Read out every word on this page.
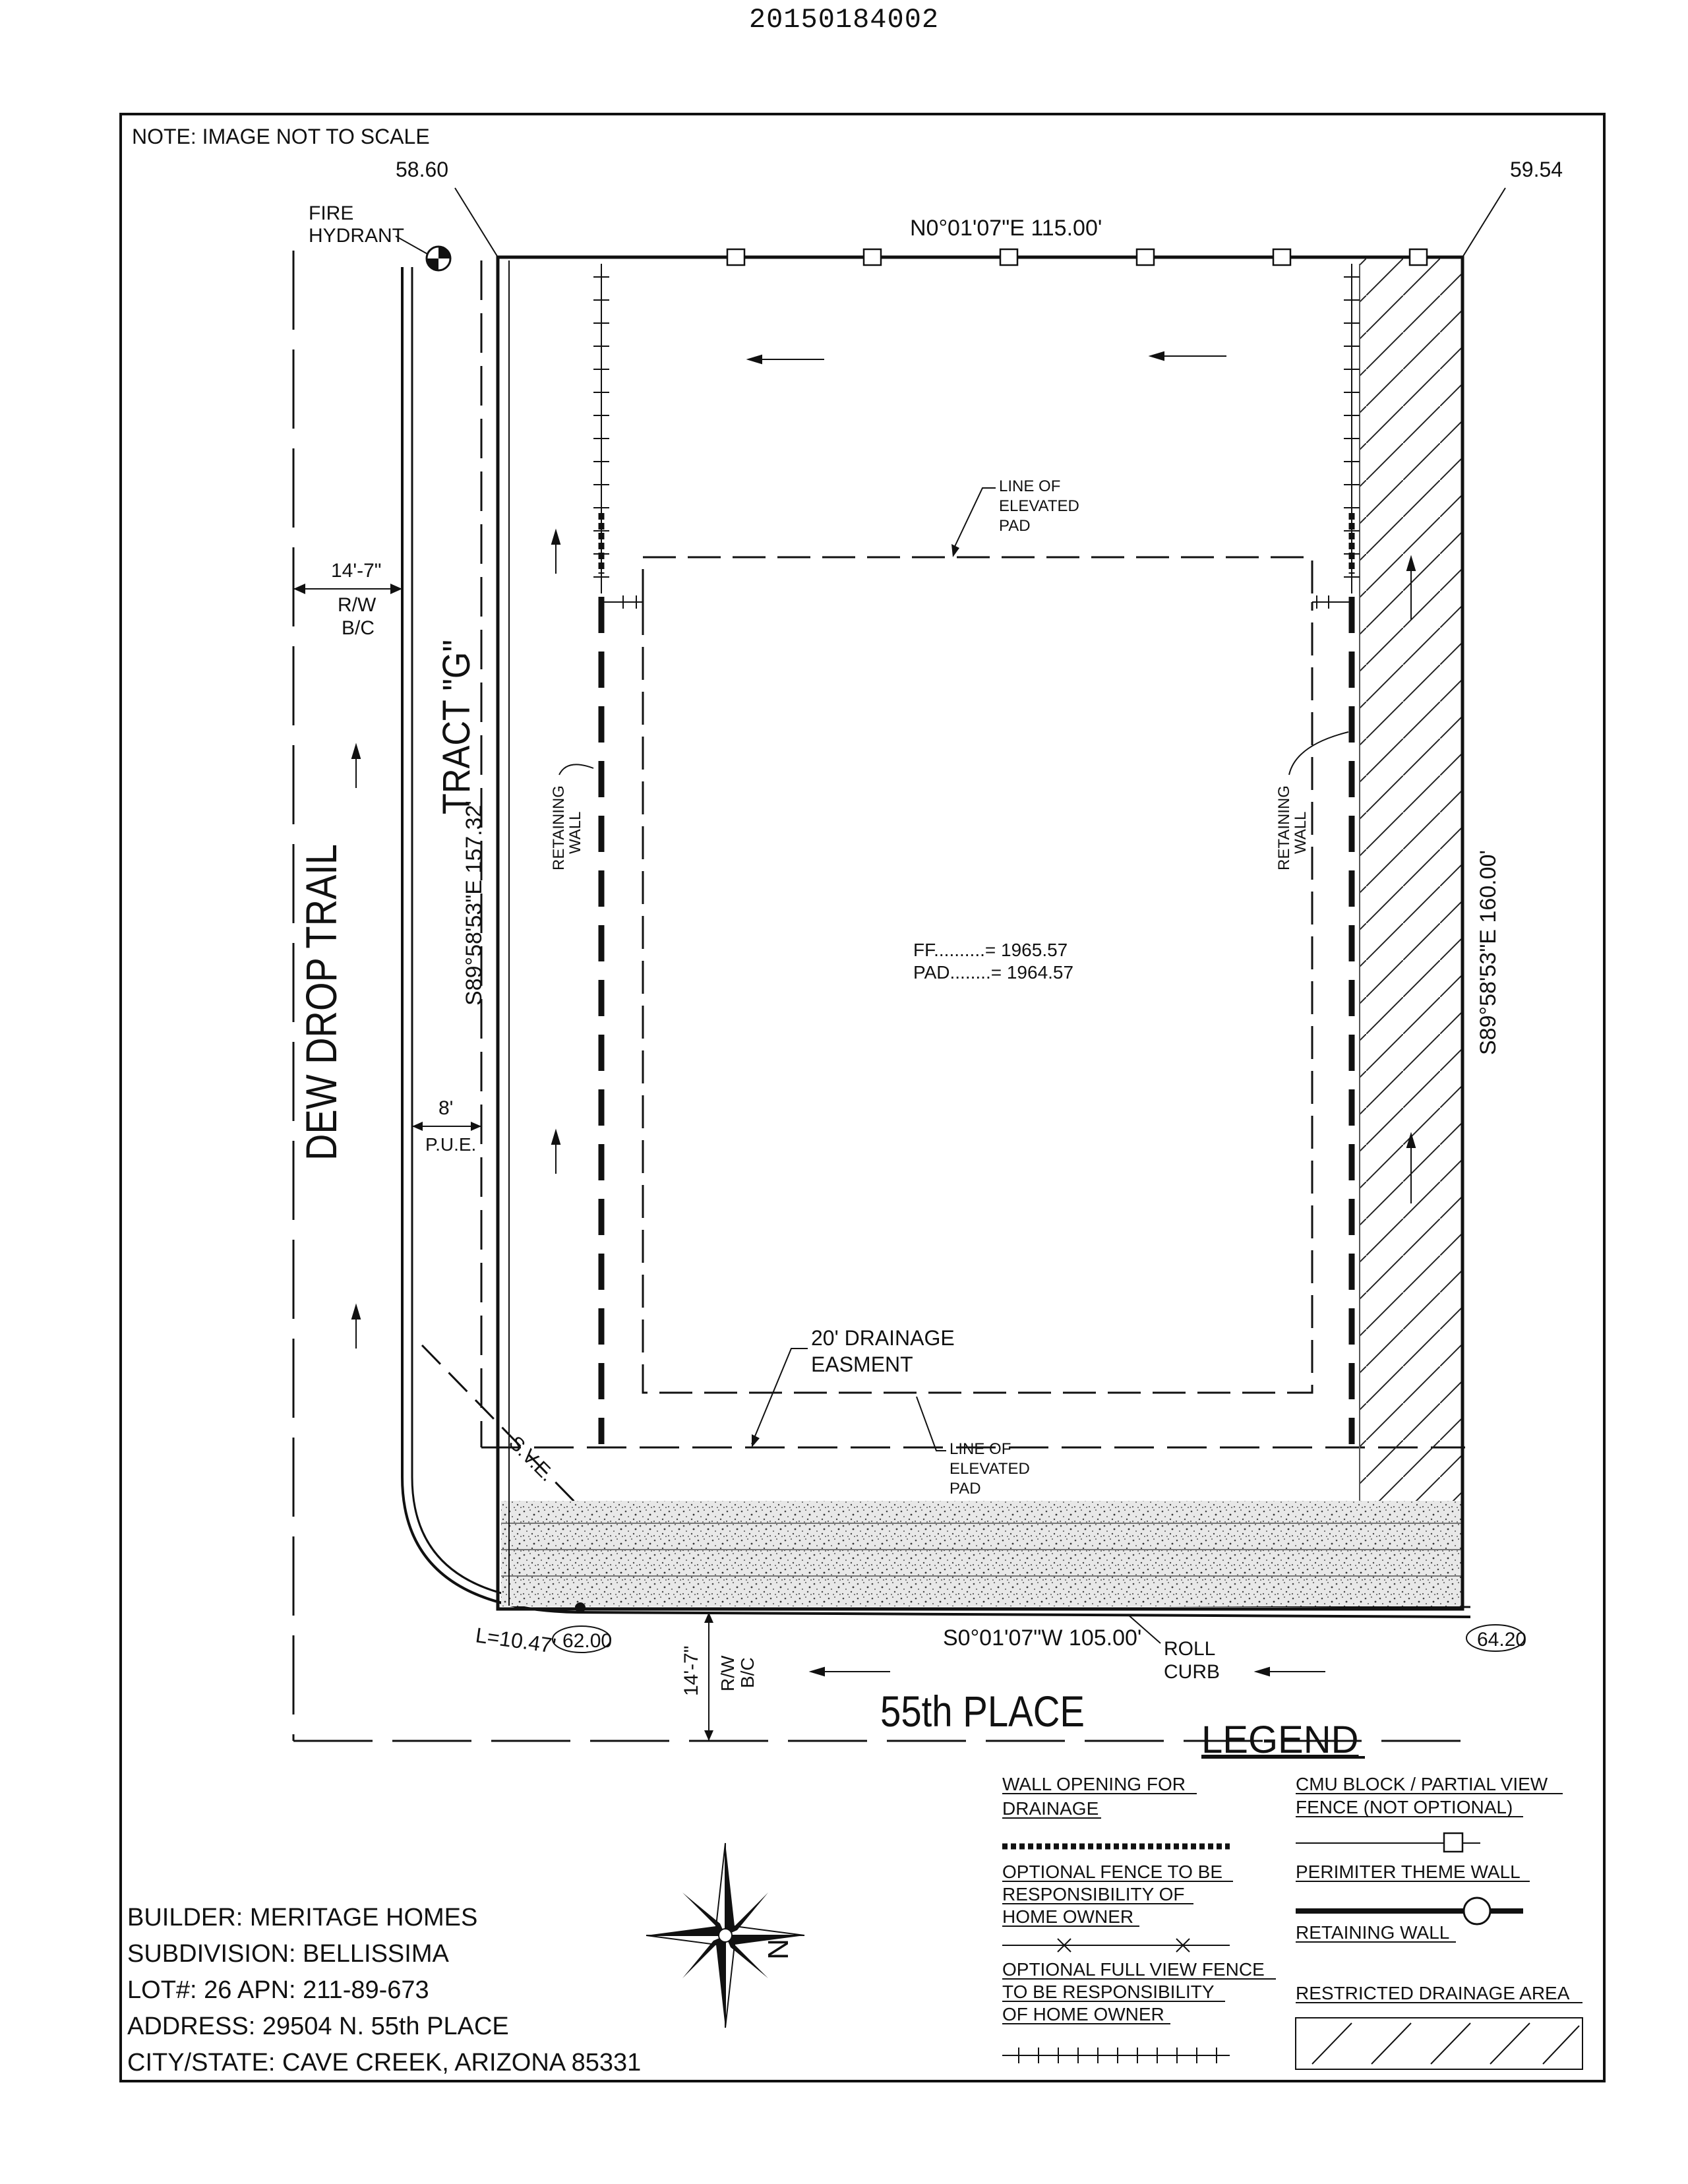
20150184002
NOTE: IMAGE NOT TO SCALE
DEW DROP TRAIL
55th PLACE
TRACT "G"
14'-7"
R/W
B/C
8'
P.U.E.
14'-7" R/W B/C
58.60	59.54
FIRE
HYDRANT	N0°01'07"E 115.00'
S0°01'07"W 105.00'
S89°58'53"E 157.32'	S89°58'53"E 160.00'
FF..........= 1965.57
PAD........= 1964.57
RETAINING
WALL	RETAINING
WALL
LINE OF
ELEVATED
PAD
LINE OF
ELEVATED
PAD
20' DRAINAGE
EASMENT
S.V.E.
L=10.47' 62.00	64.20
ROLL
CURB
LEGEND
WALL OPENING FOR
DRAINAGE
OPTIONAL FENCE TO BE
RESPONSIBILITY OF
HOME OWNER
OPTIONAL FULL VIEW FENCE
TO BE RESPONSIBILITY
OF HOME OWNER
CMU BLOCK / PARTIAL VIEW
FENCE (NOT OPTIONAL)
PERIMITER THEME WALL
RETAINING WALL
RESTRICTED DRAINAGE AREA
N
BUILDER: MERITAGE HOMES
SUBDIVISION: BELLISSIMA
LOT#: 26 APN: 211-89-673
ADDRESS: 29504 N. 55th PLACE
CITY/STATE: CAVE CREEK, ARIZONA 85331
